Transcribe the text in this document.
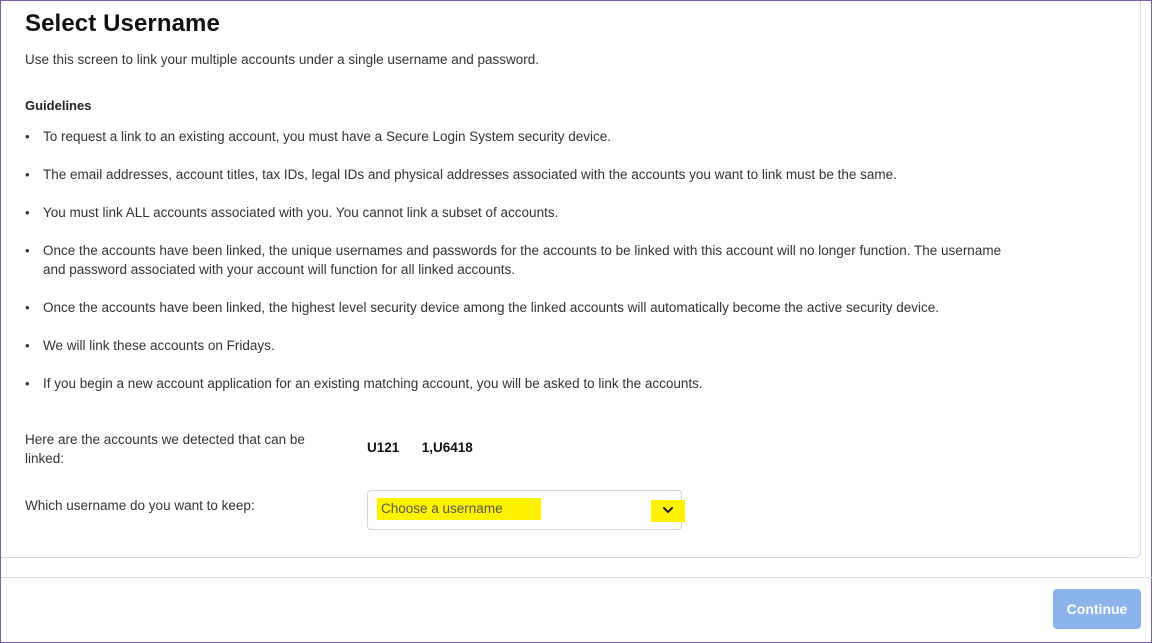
Select Username

Use this screen to link your multiple accounts under a single username and password.

Guidelines
• To request a link to an existing account, you must have a Secure Login System security device.
• The email addresses, account titles, tax IDs, legal IDs and physical addresses associated with the accounts you want to link must be the same.
• You must link ALL accounts associated with you. You cannot link a subset of accounts.
• Once the accounts have been linked, the unique usernames and passwords for the accounts to be linked with this account will no longer function. The username and password associated with your account will function for all linked accounts.
• Once the accounts have been linked, the highest level security device among the linked accounts will automatically become the active security device.
• We will link these accounts on Fridays.
• If you begin a new account application for an existing matching account, you will be asked to link the accounts.
Here are the accounts we detected that can be linked:
U121      1,U6418
Which username do you want to keep:	Choose a username
Continue
